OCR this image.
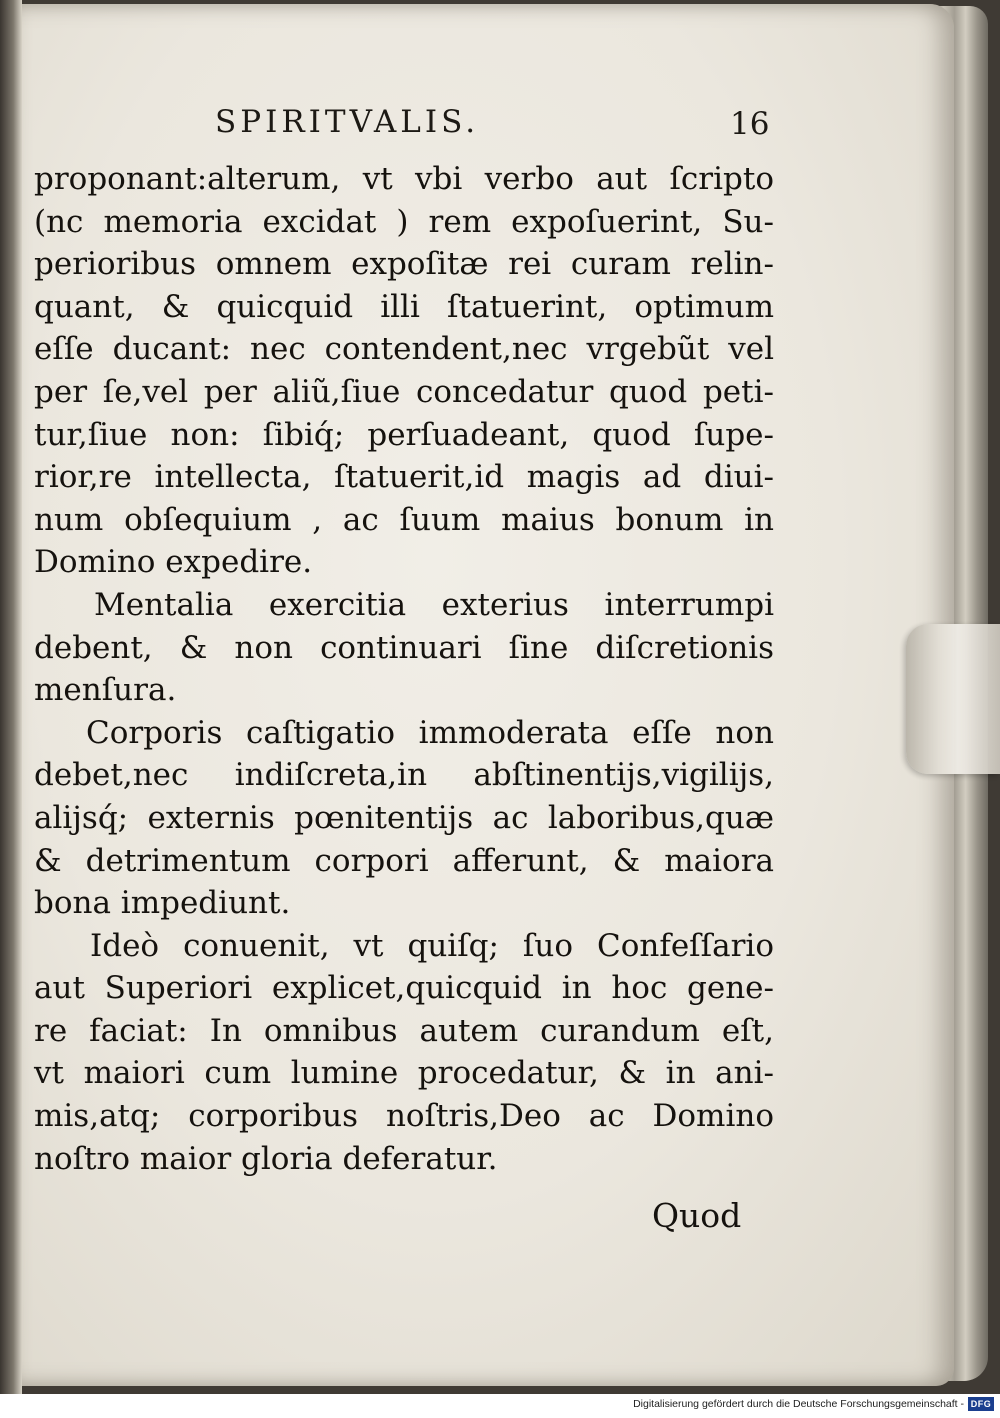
SPIRITVALIS.	16
proponant:alterum, vt vbi verbo aut ſcripto
(nc memoria excidat ) rem expoſuerint, Su-
perioribus omnem expoſitæ rei curam relin-
quant, & quicquid illi ſtatuerint, optimum
eſſe ducant: nec contendent,nec vrgebũt vel
per ſe,vel per aliũ,ſiue concedatur quod peti-
tur,ſiue non: ſibiq́; perſuadeant, quod ſupe-
rior,re intellecta, ſtatuerit,id magis ad diui-
num obſequium , ac ſuum maius bonum in
Domino expedire.
Mentalia exercitia exterius interrumpi
debent, & non continuari ſine diſcretionis
menſura.
Corporis caſtigatio immoderata eſſe non
debet,nec indiſcreta,in abſtinentijs,vigilijs,
alijsq́; externis pœnitentijs ac laboribus,quæ
& detrimentum corpori afferunt, & maiora
bona impediunt.
Ideò conuenit, vt quiſq; ſuo Confeſſario
aut Superiori explicet,quicquid in hoc gene-
re faciat: In omnibus autem curandum eſt,
vt maiori cum lumine procedatur, & in ani-
mis,atq; corporibus noſtris,Deo ac Domino
noſtro maior gloria deferatur.
Quod
Digitalisierung gefördert durch die Deutsche Forschungsgemeinschaft - DFG
